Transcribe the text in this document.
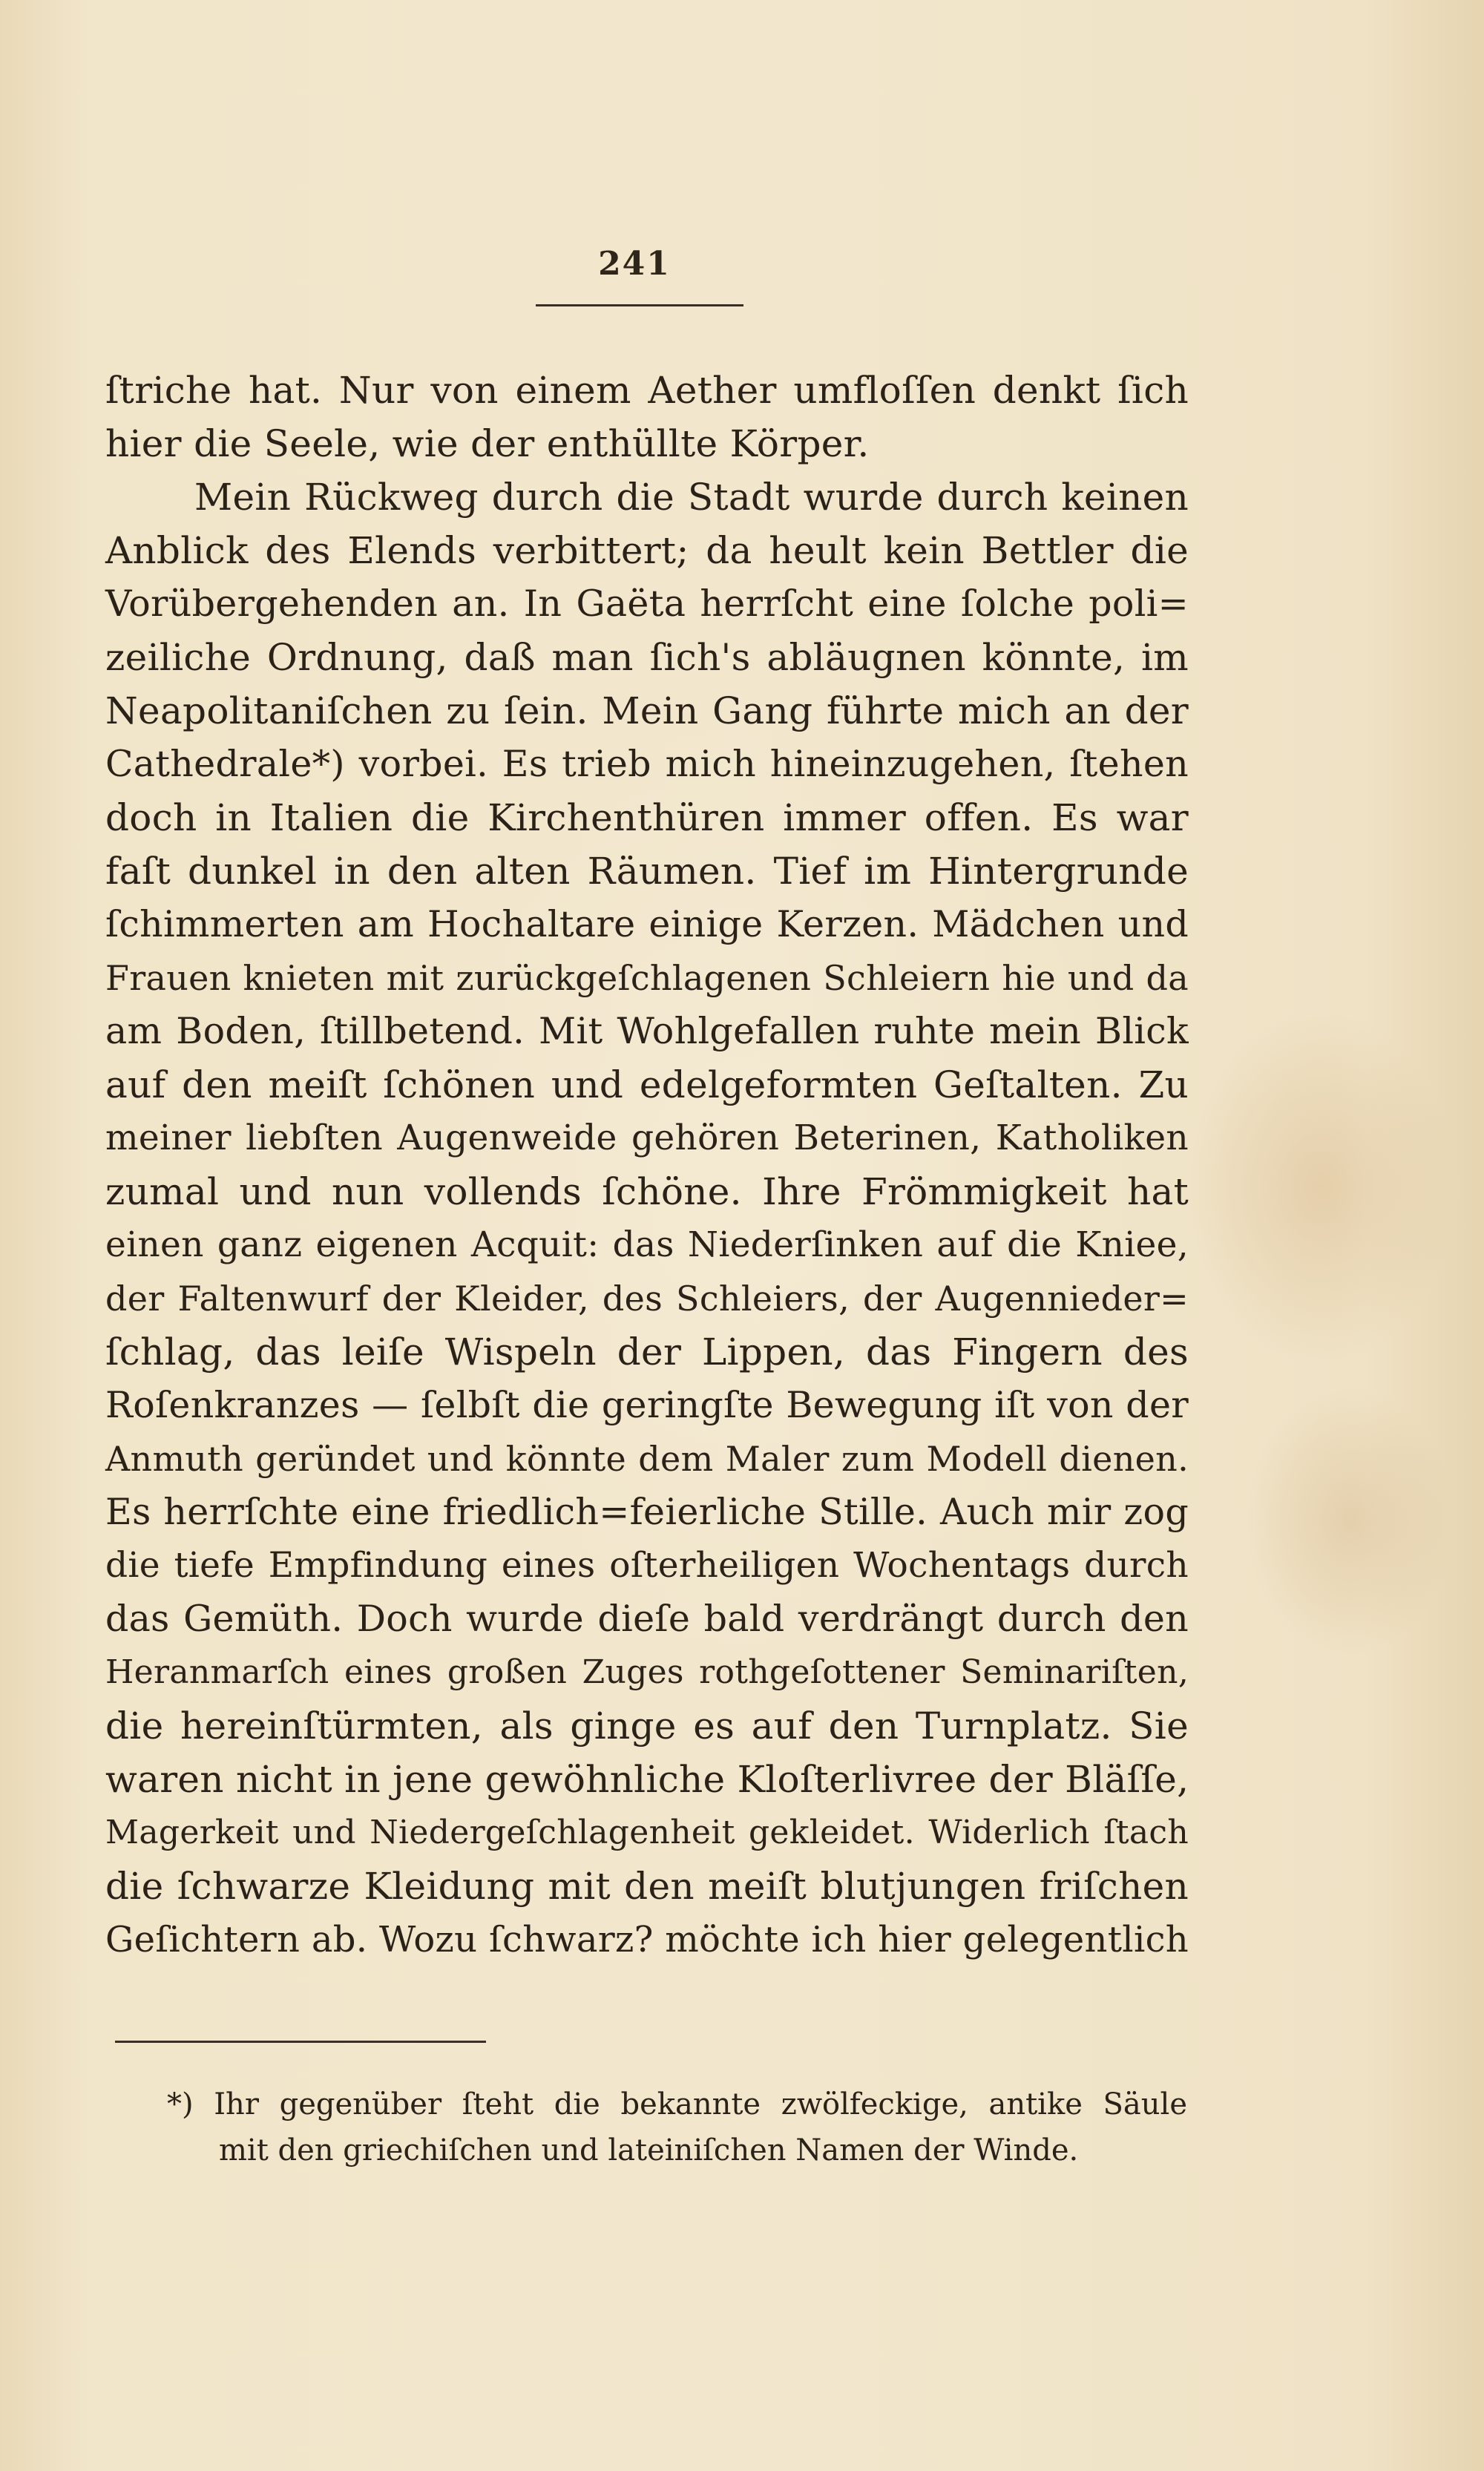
241
ſtriche hat. Nur von einem Aether umfloſſen denkt ſich
hier die Seele, wie der enthüllte Körper.
Mein Rückweg durch die Stadt wurde durch keinen
Anblick des Elends verbittert; da heult kein Bettler die
Vorübergehenden an. In Gaëta herrſcht eine ſolche poli=
zeiliche Ordnung, daß man ſich's abläugnen könnte, im
Neapolitaniſchen zu ſein. Mein Gang führte mich an der
Cathedrale*) vorbei. Es trieb mich hineinzugehen, ſtehen
doch in Italien die Kirchenthüren immer offen. Es war
faſt dunkel in den alten Räumen. Tief im Hintergrunde
ſchimmerten am Hochaltare einige Kerzen. Mädchen und
Frauen knieten mit zurückgeſchlagenen Schleiern hie und da
am Boden, ſtillbetend. Mit Wohlgefallen ruhte mein Blick
auf den meiſt ſchönen und edelgeformten Geſtalten. Zu
meiner liebſten Augenweide gehören Beterinen, Katholiken
zumal und nun vollends ſchöne. Ihre Frömmigkeit hat
einen ganz eigenen Acquit: das Niederſinken auf die Kniee,
der Faltenwurf der Kleider, des Schleiers, der Augennieder=
ſchlag, das leiſe Wispeln der Lippen, das Fingern des
Roſenkranzes — ſelbſt die geringſte Bewegung iſt von der
Anmuth geründet und könnte dem Maler zum Modell dienen.
Es herrſchte eine friedlich=feierliche Stille. Auch mir zog
die tiefe Empfindung eines oſterheiligen Wochentags durch
das Gemüth. Doch wurde dieſe bald verdrängt durch den
Heranmarſch eines großen Zuges rothgeſottener Seminariſten,
die hereinſtürmten, als ginge es auf den Turnplatz. Sie
waren nicht in jene gewöhnliche Kloſterlivree der Bläſſe,
Magerkeit und Niedergeſchlagenheit gekleidet. Widerlich ſtach
die ſchwarze Kleidung mit den meiſt blutjungen friſchen
Geſichtern ab. Wozu ſchwarz? möchte ich hier gelegentlich
*) Ihr gegenüber ſteht die bekannte zwölfeckige, antike Säule
mit den griechiſchen und lateiniſchen Namen der Winde.
